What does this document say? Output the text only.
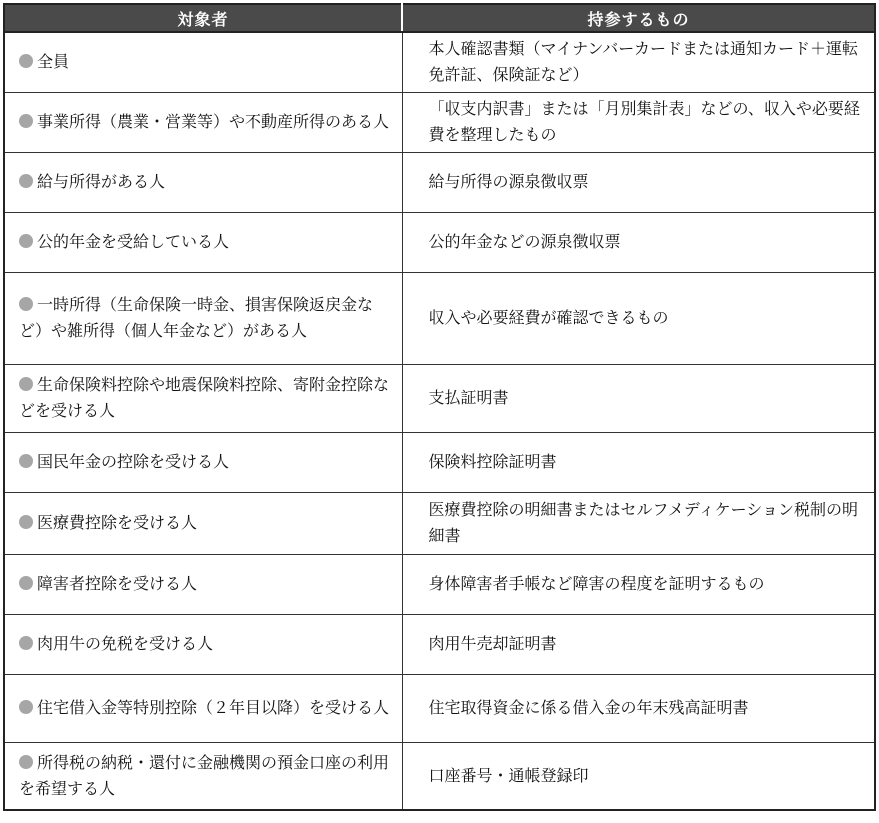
対象者	持参するもの
全員	本人確認書類（マイナンバーカードまたは通知カード＋運転免許証、保険証など）

事業所得（農業・営業等）や不動産所得のある人	「収支内訳書」または「月別集計表」などの、収入や必要経費を整理したもの

給与所得がある人	給与所得の源泉徴収票

公的年金を受給している人	公的年金などの源泉徴収票

一時所得（生命保険一時金、損害保険返戻金など）や雑所得（個人年金など）がある人	収入や必要経費が確認できるもの

生命保険料控除や地震保険料控除、寄附金控除などを受ける人	支払証明書

国民年金の控除を受ける人	保険料控除証明書

医療費控除を受ける人	医療費控除の明細書またはセルフメディケーション税制の明細書

障害者控除を受ける人	身体障害者手帳など障害の程度を証明するもの

肉用牛の免税を受ける人	肉用牛売却証明書

住宅借入金等特別控除（２年目以降）を受ける人	住宅取得資金に係る借入金の年末残高証明書

所得税の納税・還付に金融機関の預金口座の利用を希望する人	口座番号・通帳登録印
